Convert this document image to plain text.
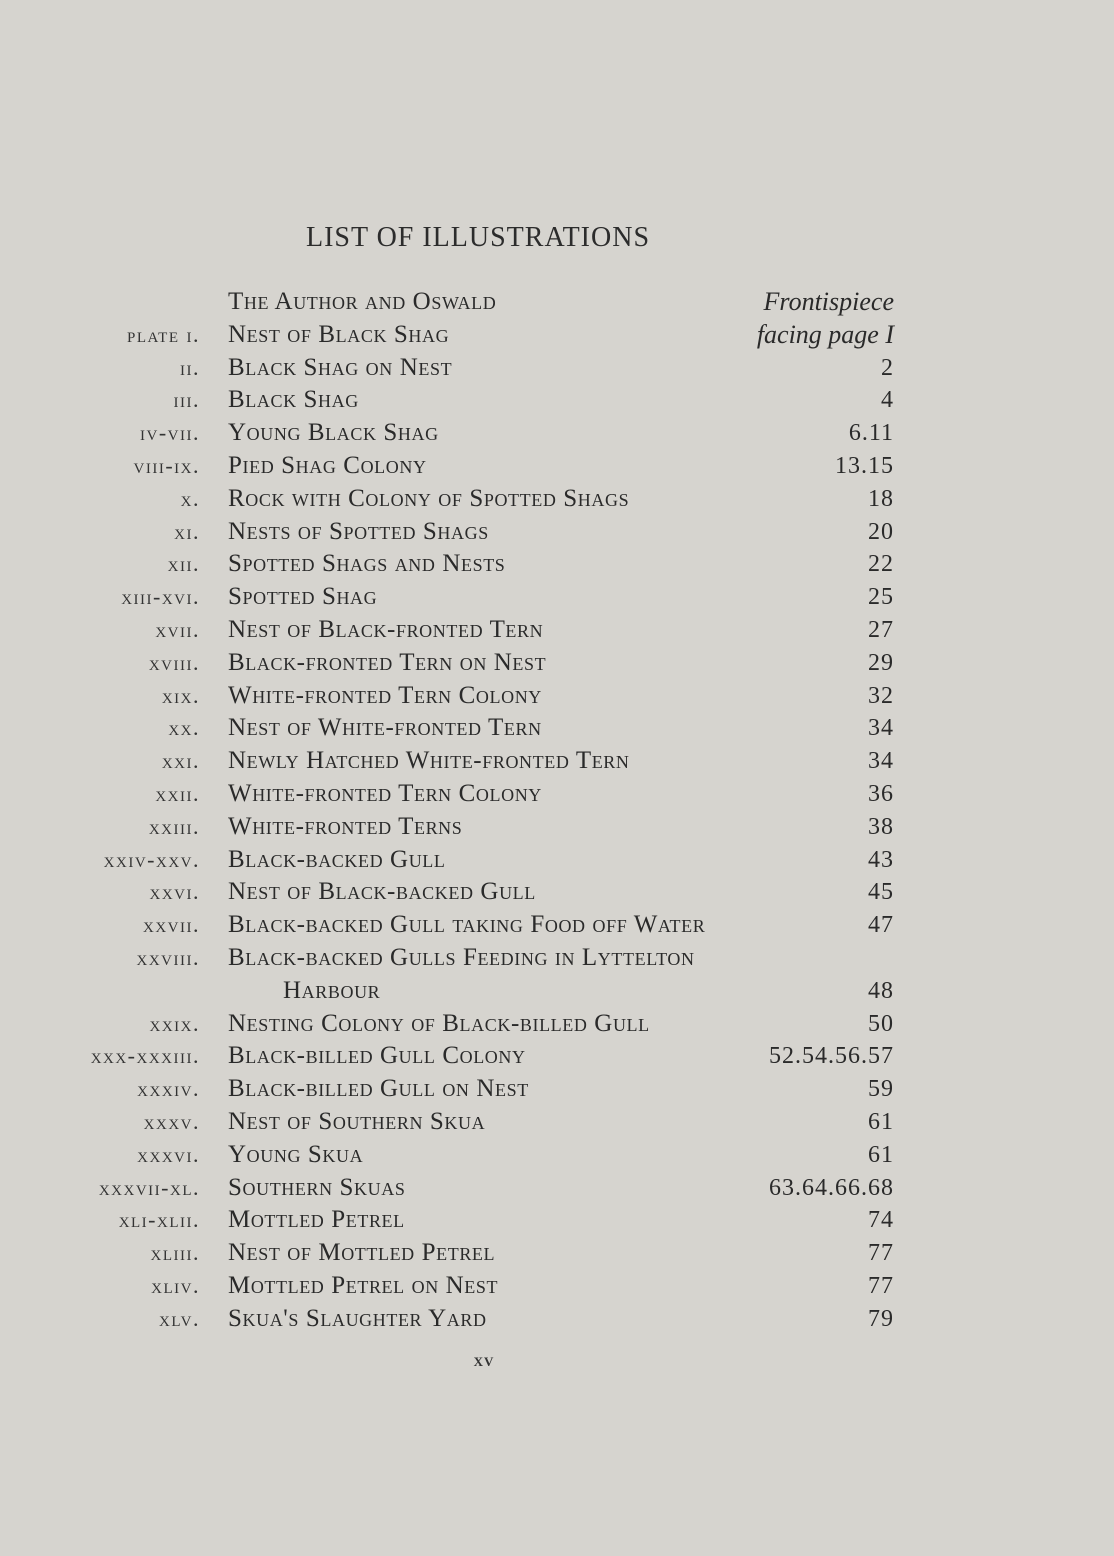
LIST OF ILLUSTRATIONS
The Author and Oswald	Frontispiece
plate i. Nest of Black Shag	facing page I
ii. Black Shag on Nest	2
iii. Black Shag	4
iv-vii. Young Black Shag	6.11
viii-ix. Pied Shag Colony	13.15
x. Rock with Colony of Spotted Shags	18
xi. Nests of Spotted Shags	20
xii. Spotted Shags and Nests	22
xiii-xvi. Spotted Shag	25
xvii. Nest of Black-fronted Tern	27
xviii. Black-fronted Tern on Nest	29
xix. White-fronted Tern Colony	32
xx. Nest of White-fronted Tern	34
xxi. Newly Hatched White-fronted Tern	34
xxii. White-fronted Tern Colony	36
xxiii. White-fronted Terns	38
xxiv-xxv. Black-backed Gull	43
xxvi. Nest of Black-backed Gull	45
xxvii. Black-backed Gull taking Food off Water	47
xxviii. Black-backed Gulls Feeding in Lyttelton
Harbour	48
xxix. Nesting Colony of Black-billed Gull	50
xxx-xxxiii. Black-billed Gull Colony	52.54.56.57
xxxiv. Black-billed Gull on Nest	59
xxxv. Nest of Southern Skua	61
xxxvi. Young Skua	61
xxxvii-xl. Southern Skuas	63.64.66.68
xli-xlii. Mottled Petrel	74
xliii. Nest of Mottled Petrel	77
xliv. Mottled Petrel on Nest	77
xlv. Skua's Slaughter Yard	79
xv
